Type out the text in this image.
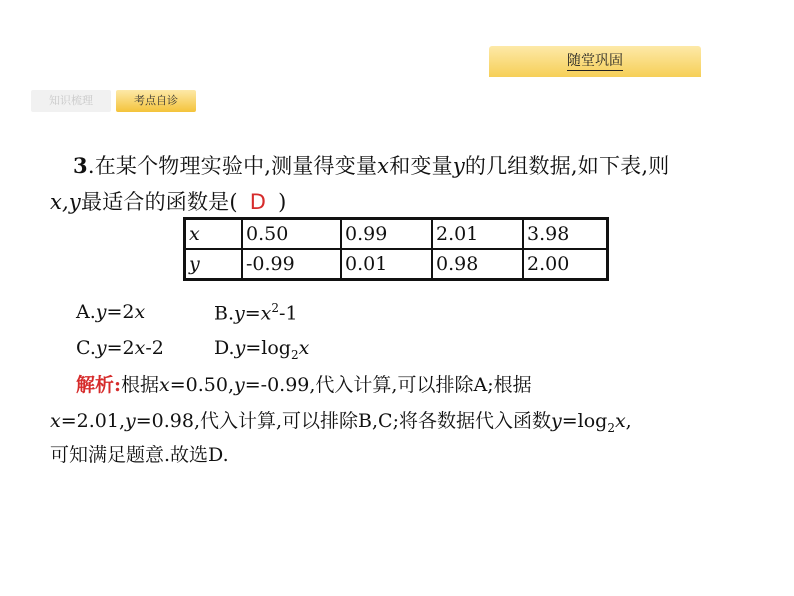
随堂巩固
知识梳理	考点自诊
3.在某个物理实验中,测量得变量x和变量y的几组数据,如下表,则
x,y最适合的函数是( D )
x	0.50	0.99	2.01	3.98
y	-0.99	0.01	0.98	2.00
A.y=2x	$B.y=x^2-1$
C.y=2x-2	$D.y=\log_2x$
解析:根据x=0.50,y=-0.99,代入计算,可以排除A;根据
x=2.01,y=0.98,代入计算,可以排除B,C;将各数据代入函数$y=\log_2x$,
可知满足题意.故选D.
